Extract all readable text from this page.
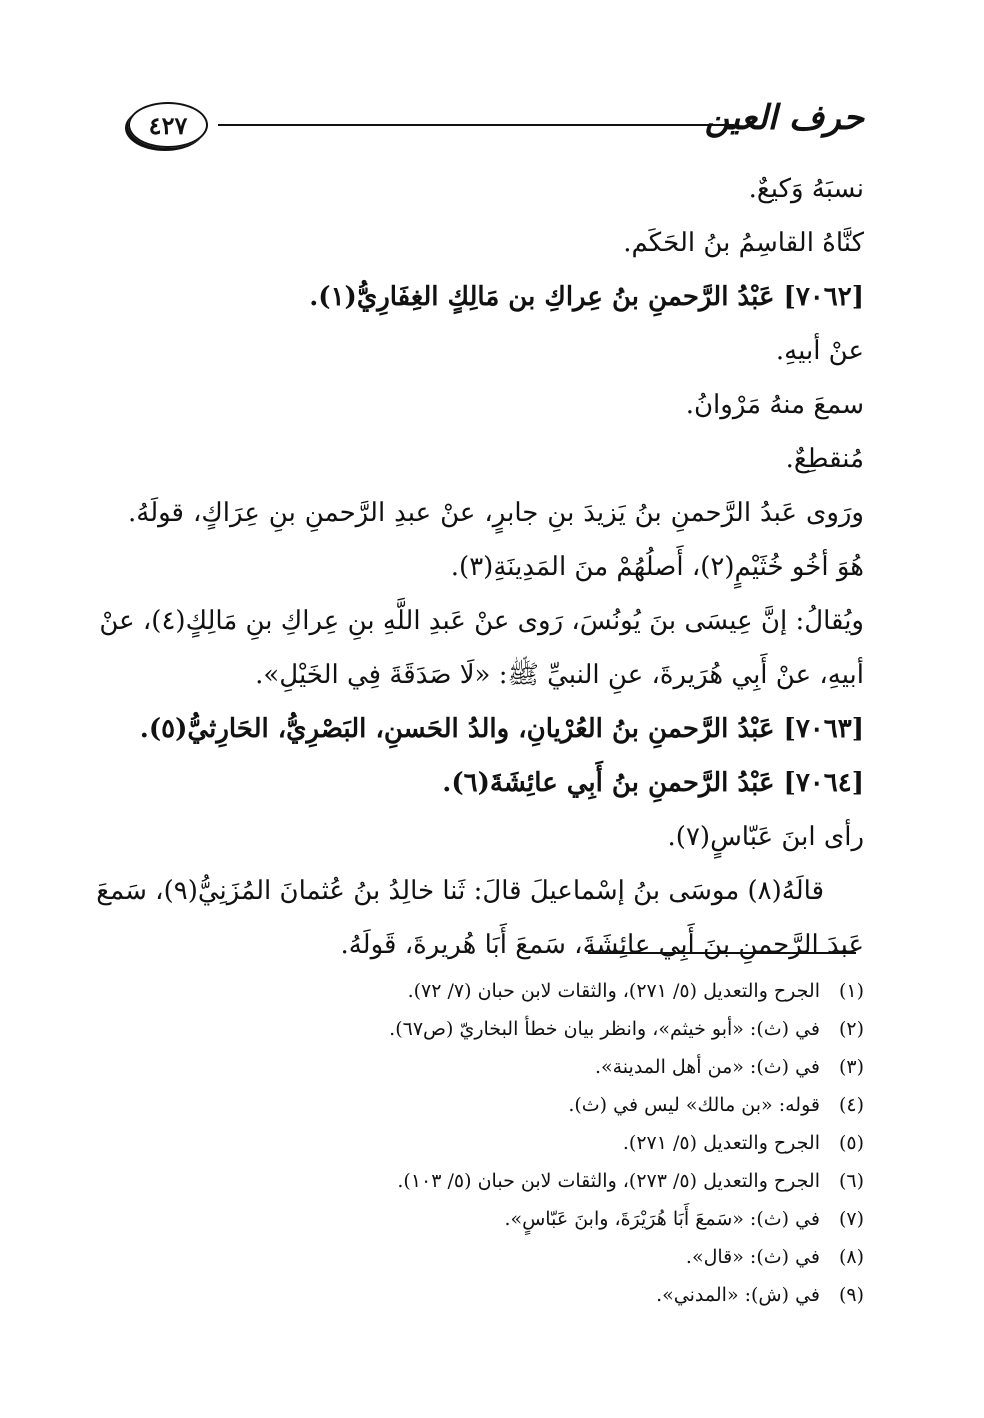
٤٢٧	حرف العين
نسبَهُ وَكيعٌ.
كنَّاهُ القاسِمُ بنُ الحَكَم.
[٧٠٦٢] عَبْدُ الرَّحمنِ بنُ عِراكِ بن مَالِكٍ الغِفَارِيُّ(١).
عنْ أبيهِ.
سمعَ منهُ مَرْوانُ.
مُنقطِعٌ.
ورَوى عَبدُ الرَّحمنِ بنُ يَزيدَ بنِ جابرٍ، عنْ عبدِ الرَّحمنِ بنِ عِرَاكٍ، قولَهُ.
هُوَ أخُو خُثَيْمٍ(٢)، أَصلُهُمْ منَ المَدِينَةِ(٣).
ويُقالُ: إنَّ عِيسَى بنَ يُونُسَ، رَوى عنْ عَبدِ اللَّهِ بنِ عِراكِ بنِ مَالِكٍ(٤)، عنْ
أبيهِ، عنْ أَبِي هُرَيرةَ، عنِ النبيِّ ﷺ: «لَا صَدَقَةَ فِي الخَيْلِ».
[٧٠٦٣] عَبْدُ الرَّحمنِ بنُ العُرْيانِ، والدُ الحَسنِ، البَصْرِيُّ، الحَارِثيُّ(٥).
[٧٠٦٤] عَبْدُ الرَّحمنِ بنُ أَبِي عائِشَةَ(٦).
رأى ابنَ عَبّاسٍ(٧).
قالَهُ(٨) موسَى بنُ إسْماعيلَ قالَ: ثَنا خالِدُ بنُ عُثمانَ المُزَنِيُّ(٩)، سَمعَ
عَبدَ الرَّحمنِ بنَ أَبِي عائِشَةَ، سَمعَ أَبَا هُريرةَ، قَولَهُ.
(١)الجرح والتعديل (٥/ ٢٧١)، والثقات لابن حبان (٧/ ٧٢).
(٢)في (ث): «أبو خيثم»، وانظر بيان خطأ البخاريّ (ص٦٧).
(٣)في (ث): «من أهل المدينة».
(٤)قوله: «بن مالك» ليس في (ث).
(٥)الجرح والتعديل (٥/ ٢٧١).
(٦)الجرح والتعديل (٥/ ٢٧٣)، والثقات لابن حبان (٥/ ١٠٣).
(٧)في (ث): «سَمعَ أَبَا هُرَيْرَةَ، وابنَ عَبّاسٍ».
(٨)في (ث): «قال».
(٩)في (ش): «المدني».
